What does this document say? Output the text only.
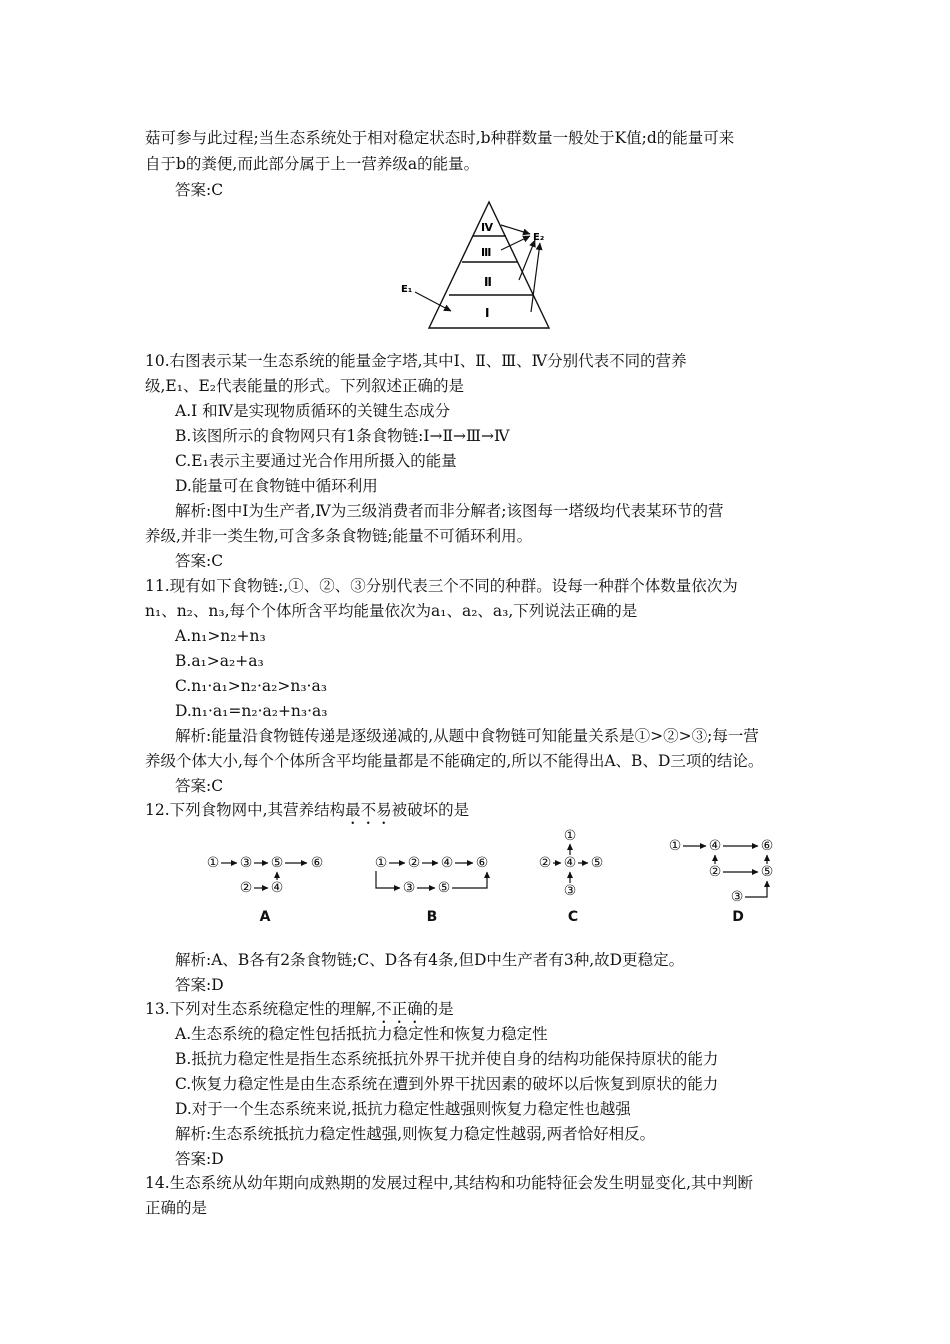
菇可参与此过程;当生态系统处于相对稳定状态时,b种群数量一般处于K值;d的能量可来
自于b的粪便,而此部分属于上一营养级a的能量。
答案:C
Ⅳ
Ⅲ
Ⅱ
Ⅰ
E₂
E₁
10.右图表示某一生态系统的能量金字塔,其中Ⅰ、Ⅱ、Ⅲ、Ⅳ分别代表不同的营养
级,E₁、E₂代表能量的形式。下列叙述正确的是
A.Ⅰ 和Ⅳ是实现物质循环的关键生态成分
B.该图所示的食物网只有1条食物链:Ⅰ→Ⅱ→Ⅲ→Ⅳ
C.E₁表示主要通过光合作用所摄入的能量
D.能量可在食物链中循环利用
解析:图中Ⅰ为生产者,Ⅳ为三级消费者而非分解者;该图每一塔级均代表某环节的营
养级,并非一类生物,可含多条食物链;能量不可循环利用。
答案:C
11.现有如下食物链:,①、②、③分别代表三个不同的种群。设每一种群个体数量依次为
n₁、n₂、n₃,每个个体所含平均能量依次为a₁、a₂、a₃,下列说法正确的是
A.n₁>n₂+n₃
B.a₁>a₂+a₃
C.n₁·a₁>n₂·a₂>n₃·a₃
D.n₁·a₁=n₂·a₂+n₃·a₃
解析:能量沿食物链传递是逐级递减的,从题中食物链可知能量关系是①>②>③;每一营
养级个体大小,每个个体所含平均能量都是不能确定的,所以不能得出A、B、D三项的结论。
答案:C
12.下列食物网中,其营养结构最不易被破坏的是
① ③ ⑤ ⑥
② ④
① ② ④ ⑥
③ ⑤
①
② ④ ⑤
③
① ④	⑥
②	⑤
③
A	B	C	D
解析:A、B各有2条食物链;C、D各有4条,但D中生产者有3种,故D更稳定。
答案:D
13.下列对生态系统稳定性的理解,不正确的是
A.生态系统的稳定性包括抵抗力稳定性和恢复力稳定性
B.抵抗力稳定性是指生态系统抵抗外界干扰并使自身的结构功能保持原状的能力
C.恢复力稳定性是由生态系统在遭到外界干扰因素的破坏以后恢复到原状的能力
D.对于一个生态系统来说,抵抗力稳定性越强则恢复力稳定性也越强
解析:生态系统抵抗力稳定性越强,则恢复力稳定性越弱,两者恰好相反。
答案:D
14.生态系统从幼年期向成熟期的发展过程中,其结构和功能特征会发生明显变化,其中判断
正确的是
